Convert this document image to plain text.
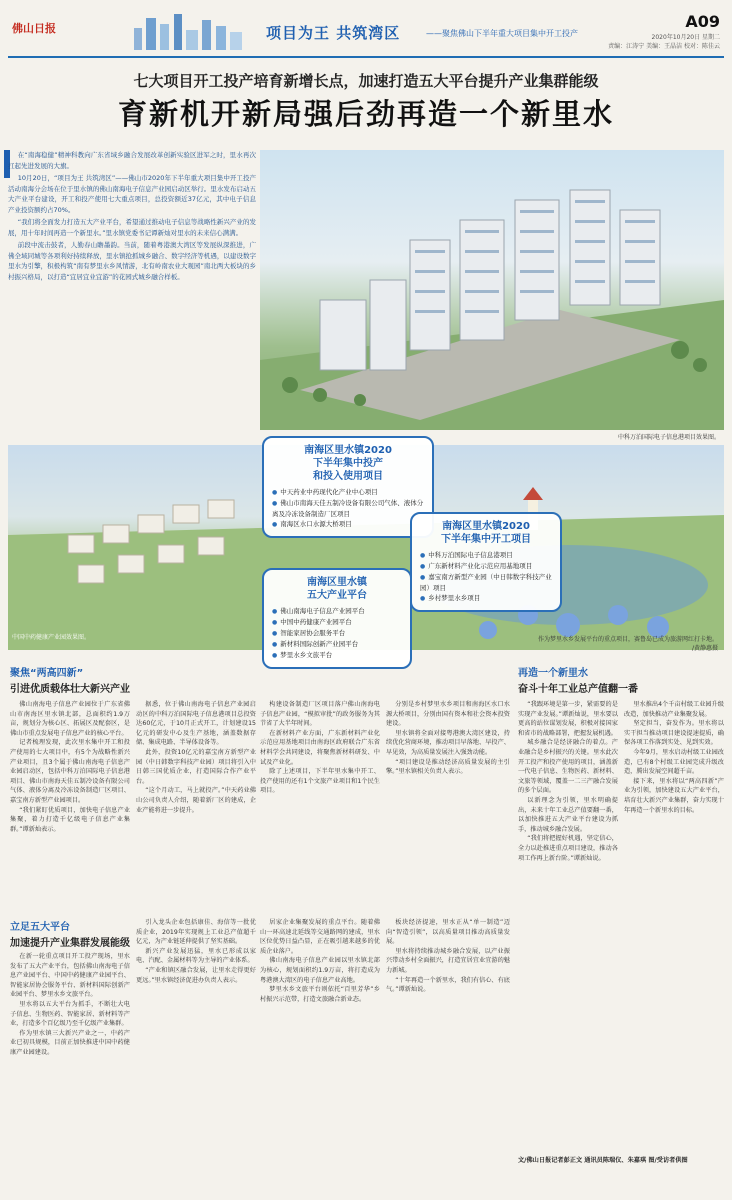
佛山日报	项目为王 共筑湾区	——聚焦佛山下半年重大项目集中开工投产
A09
2020年10月20日 星期二
责编：江涛宁 美编：王晶洁 校对：陈佳云
七大项目开工投产培育新增长点，加速打造五大平台提升产业集群能级
育新机开新局强后劲再造一个新里水

在“南海稳健”精神科教向广东省域乡融合发展改革创新实验区进军之时，里水再次扛起先进发展的大旗。

10月20日，“项目为王 共筑湾区”——佛山市2020年下半年重大项目集中开工投产活动南海分会场在位于里水镇的佛山南海电子信息产业园启动区举行。里水发布启动五大产业平台建设，开工和投产使用七大重点项目，总投资额近37亿元，其中电子信息产业投资额约占70%。

“我们将全面发力打造五大产业平台，希望通过推动电子信息等战略性新兴产业的发展，用十年时间再造一个新里水。”里水镇党委书记谭新灿对里水的未来信心满满。

前段中流击鼓者，人勤春山瞻墨韵。当前，随着粤港澳大湾区等发展纵深推进，广佛全域同城等各项利好持续释放，里水镇抢抓城乡融合、数字经济等机遇，以建设数字里水为引擎，积极构筑“南有梦里水乡风情游，北有岭南农业大观园”南北两大板块的乡村振兴格局，以打造“宜居宜业宜游”的花园式城乡融合样板。

中科万泊国际电子信息港项目效果图。
中国中药健康产业园效果图。	作为梦里水乡发展平台的重点项目，赛鲁岛已成为旅游网红打卡地。
/黄静惠摄
南海区里水镇2020
下半年集中投产
和投入使用项目
● 中天药业中药现代化产业中心项目
● 佛山市南海天佳五制冷设备有限公司气体、液体分离及冷冻设备制造厂区项目
● 南海区水口水源大桥项目	南海区里水镇2020
下半年集中开工项目
● 中科万泊国际电子信息港项目
● 广东新材料产业化示范应用基地项目
● 嘉宝南方新型产业园（中日韩数字科技产业园）项目
● 乡村梦里水乡项目
南海区里水镇
五大产业平台
● 佛山南海电子信息产业园平台
● 中国中药健康产业园平台
● 智能家居协会服务平台
● 新材料国际创新产业园平台
● 梦里水乡文旅平台
聚焦“两高四新”
引进优质载体壮大新兴产业

佛山南海电子信息产业园位于广东省佛山市南海区里水镇北部，总面积约1.9万亩，规划分为核心区、拓展区及配套区，是佛山市重点发展电子信息产业的核心平台。

记者梳理发现，此次里水集中开工和投产使用的七大项目中，有5个为战略性新兴产业项目，且3个属于佛山南海电子信息产业园启动区，包括中科万泊国际电子信息港项目、佛山市南海天佳五制冷设备有限公司气体、液体分离及冷冻设备制造厂区项目、嘉宝南方新型产业园项目。

“我们紧盯优质项目，加快电子信息产业集聚，着力打造千亿级电子信息产业集群。”谭新灿表示。

据悉，位于佛山南海电子信息产业园启动区的中科万泊国际电子信息港项目总投资达60亿元，于10月正式开工，计划建设15亿元的研发中心及生产基地，涵盖数据存储、集成电路、半导体设备等。

此外，投资10亿元的嘉宝南方新型产业园（中日韩数字科技产业园）项目将引入中日韩三国优质企业，打造国际合作产业平台。

“这个月动工，马上就投产。”中天药业佛山公司负责人介绍，随着新厂区的建成，企业产能将进一步提升。

构建设备制造厂区项目落户佛山南海电子信息产业园，“模拟审批”的政务服务为其节省了大半年时间。

在新材料产业方面，广东新材料产业化示范应用基地项目由南海区政府联合广东省材料学会共同建设，将聚焦新材料研发、中试及产业化。

除了上述项目，下半年里水集中开工、投产使用的还有1个文旅产业项目和1个民生项目。

分别是乡村梦里水乡项目和南海区水口水源大桥项目，分别由国有资本和社会资本投资建设。

里水镇将全面对接粤港澳大湾区建设，持续优化营商环境，推动项目早落地、早投产、早见效，为高质量发展注入强劲动能。

“项目建设是推动经济高质量发展的主引擎。”里水镇相关负责人表示。

立足五大平台
加速提升产业集群发展能级

在新一轮重点项目开工投产现场，里水发布了五大产业平台，包括佛山南海电子信息产业园平台、中国中药健康产业园平台、智能家居协会服务平台、新材料国际创新产业园平台、梦里水乡文旅平台。

里水将以五大平台为抓手，不断壮大电子信息、生物医药、智能家居、新材料等产业，打造多个百亿级乃至千亿级产业集群。

作为里水镇三大新兴产业之一，中药产业已初具规模，目前正加快推进中国中药健康产业园建设。

引入龙头企业包括康佳、海信等一批优质企业，2019年实现规上工业总产值超千亿元，为产业链延伸提供了坚实基础。

新兴产业发展迅猛，里水已形成以家电、汽配、金属材料等为主导的产业体系。

“产业和镇区融合发展，让里水走得更好更远。”里水镇经济促进办负责人表示。

居家企业集聚发展的重点平台。随着佛山一环高速北延线等交通路网的建成，里水区位优势日益凸显，正在吸引越来越多的优质企业落户。

佛山南海电子信息产业园以里水镇北部为核心，规划面积约1.9万亩，将打造成为粤港澳大湾区的电子信息产业高地。

梦里水乡文旅平台则依托“百里芳华”乡村振兴示范带，打造文旅融合新业态。

板块经济提速，里水正从“单一制造”迈向“智造引领”，以高质量项目推动高质量发展。

里水将持续推动城乡融合发展，以产业振兴带动乡村全面振兴，打造宜居宜业宜游的魅力新城。

“十年再造一个新里水，我们有信心、有底气。”谭新灿说。

再造一个新里水
奋斗十年工业总产值翻一番

“我跟环境是第一步，紧需要的是实现产业发展。”谭新灿说，里水要以更高的站位谋划发展，积极对接国家和省市的战略部署，把握发展机遇。

城乡融合是经济融合的着点。产业融合是乡村振兴的关键。里水此次开工投产和投产使用的项目，涵盖新一代电子信息、生物医药、新材料、文旅等领域，覆盖一二三产融合发展的多个层面。

以新理念为引领，里水明确提出，未来十年工业总产值要翻一番，以加快推进五大产业平台建设为抓手，推动城乡融合发展。

“我们将把握好机遇，坚定信心，全力以赴推进重点项目建设，推动各项工作再上新台阶。”谭新灿说。

里水推出4个千亩村级工业园升级改造，加快推动产业集聚发展。

坚定担当，奋发作为。里水将以实干担当推动项目建设提速提质，确保各项工作落到实处、见到实效。

今年9月，里水启动村级工业园改造，已有8个村级工业园完成升级改造，腾出发展空间超千亩。

接下来，里水将以“两高四新”产业为引领，加快建设五大产业平台，培育壮大新兴产业集群，奋力实现十年再造一个新里水的目标。

文/佛山日报记者彭正文 通讯员陈瑞仪、朱嘉琪 图/受访者供图
